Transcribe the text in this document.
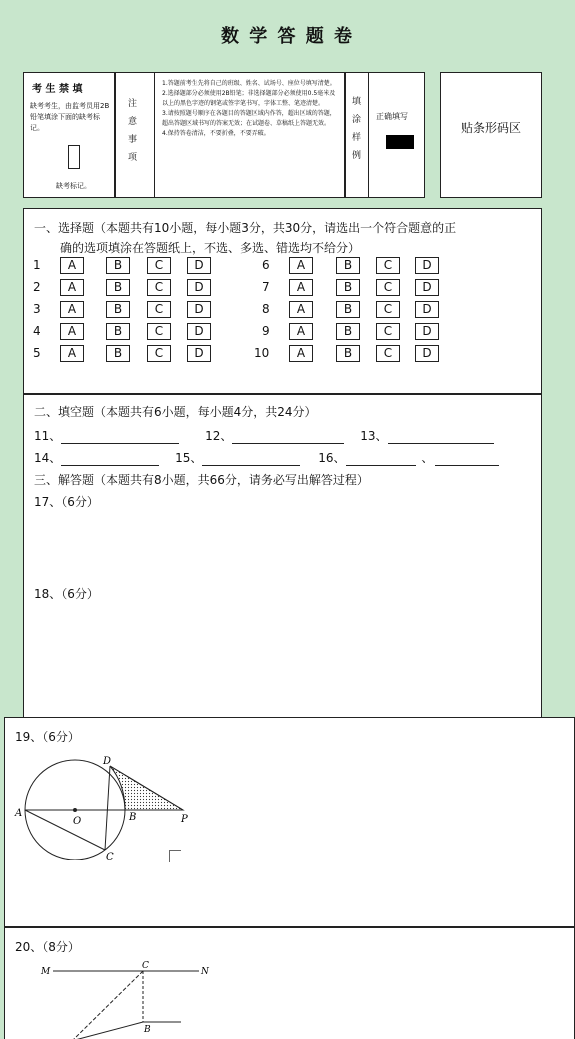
数 学 答 题 卷
考 生 禁 填
缺考考生，由监考员用2B铅笔填涂下面的缺考标记。
缺考标记。
注
意
事
项
1.答题前考生先将自己的班级、姓名、试场号、座位号填写清楚。
2.选择题部分必须使用2B铅笔；非选择题部分必须使用0.5毫米及以上的黑色字迹的钢笔或签字笔书写，字体工整、笔迹清楚。
3.请按照题号顺序在各题目的答题区域内作答，超出区域的答题，超出答题区域书写的答案无效；在试题卷、草稿纸上答题无效。
4.保持答卷清洁，不要折叠，不要弄破。
填
涂
样
例
正确填写
贴条形码区
一、选择题（本题共有10小题，每小题3分，共30分，请选出一个符合题意的正
确的选项填涂在答题纸上，不选、多选、错选均不给分）
1	A	B	C	D	6	A	B	C	D
2	A	B	C	D	7	A	B	C	D
3	A	B	C	D	8	A	B	C	D
4	A	B	C	D	9	A	B	C	D
5	A	B	C	D	10	A	B	C	D
二、填空题（本题共有6小题，每小题4分，共24分）
11、	12、	13、
14、	15、	16、	、
三、解答题（本题共有8小题，共66分，请务必写出解答过程）
17、（6分）
18、（6分）
19、（6分）
A
O
D
B
C
P
20、（8分）
M
C
N
B
